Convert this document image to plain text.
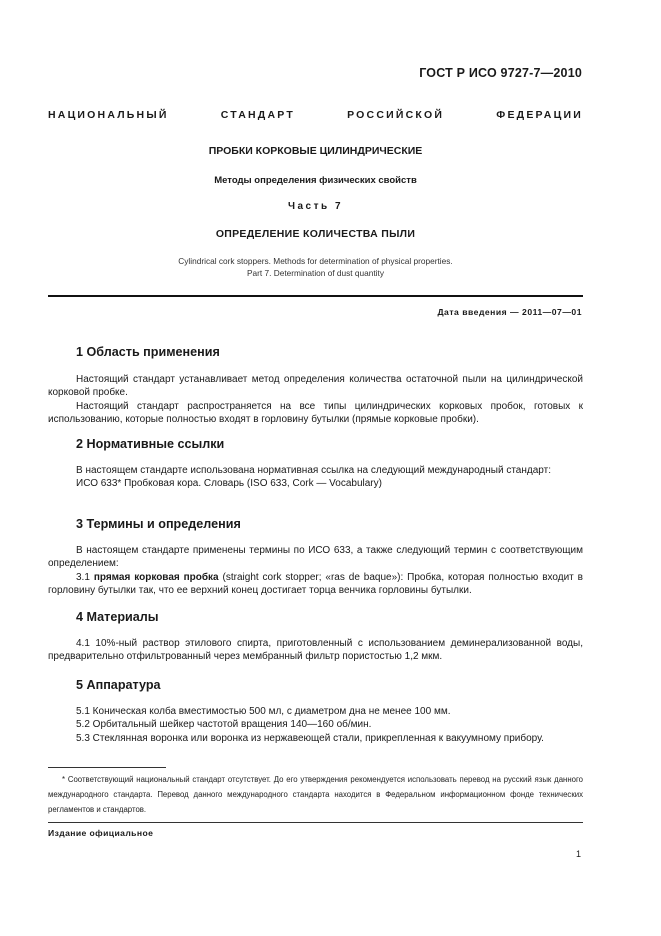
ГОСТ Р ИСО 9727-7—2010
НАЦИОНАЛЬНЫЙ	СТАНДАРТ	РОССИЙСКОЙ	ФЕДЕРАЦИИ
ПРОБКИ КОРКОВЫЕ ЦИЛИНДРИЧЕСКИЕ
Методы определения физических свойств
Часть 7
ОПРЕДЕЛЕНИЕ КОЛИЧЕСТВА ПЫЛИ
Cylindrical cork stoppers. Methods for determination of physical properties.
Part 7. Determination of dust quantity
Дата введения — 2011—07—01
1 Область применения
Настоящий стандарт устанавливает метод определения количества остаточной пыли на цилиндрической корковой пробке.
Настоящий стандарт распространяется на все типы цилиндрических корковых пробок, готовых к использованию, которые полностью входят в горловину бутылки (прямые корковые пробки).
2 Нормативные ссылки
В настоящем стандарте использована нормативная ссылка на следующий международный стандарт:
ИСО 633* Пробковая кора. Словарь (ISO 633, Cork — Vocabulary)
3 Термины и определения
В настоящем стандарте применены термины по ИСО 633, а также следующий термин с соответствующим определением:
3.1 прямая корковая пробка (straight cork stopper; «ras de baque»): Пробка, которая полностью входит в горловину бутылки так, что ее верхний конец достигает торца венчика горловины бутылки.
4 Материалы
4.1 10%-ный раствор этилового спирта, приготовленный с использованием деминерализованной воды, предварительно отфильтрованный через мембранный фильтр пористостью 1,2 мкм.
5 Аппаратура
5.1 Коническая колба вместимостью 500 мл, с диаметром дна не менее 100 мм.
5.2 Орбитальный шейкер частотой вращения 140—160 об/мин.
5.3 Стеклянная воронка или воронка из нержавеющей стали, прикрепленная к вакуумному прибору.
* Соответствующий национальный стандарт отсутствует. До его утверждения рекомендуется использовать перевод на русский язык данного международного стандарта. Перевод данного международного стандарта находится в Федеральном информационном фонде технических регламентов и стандартов.
Издание официальное
1
